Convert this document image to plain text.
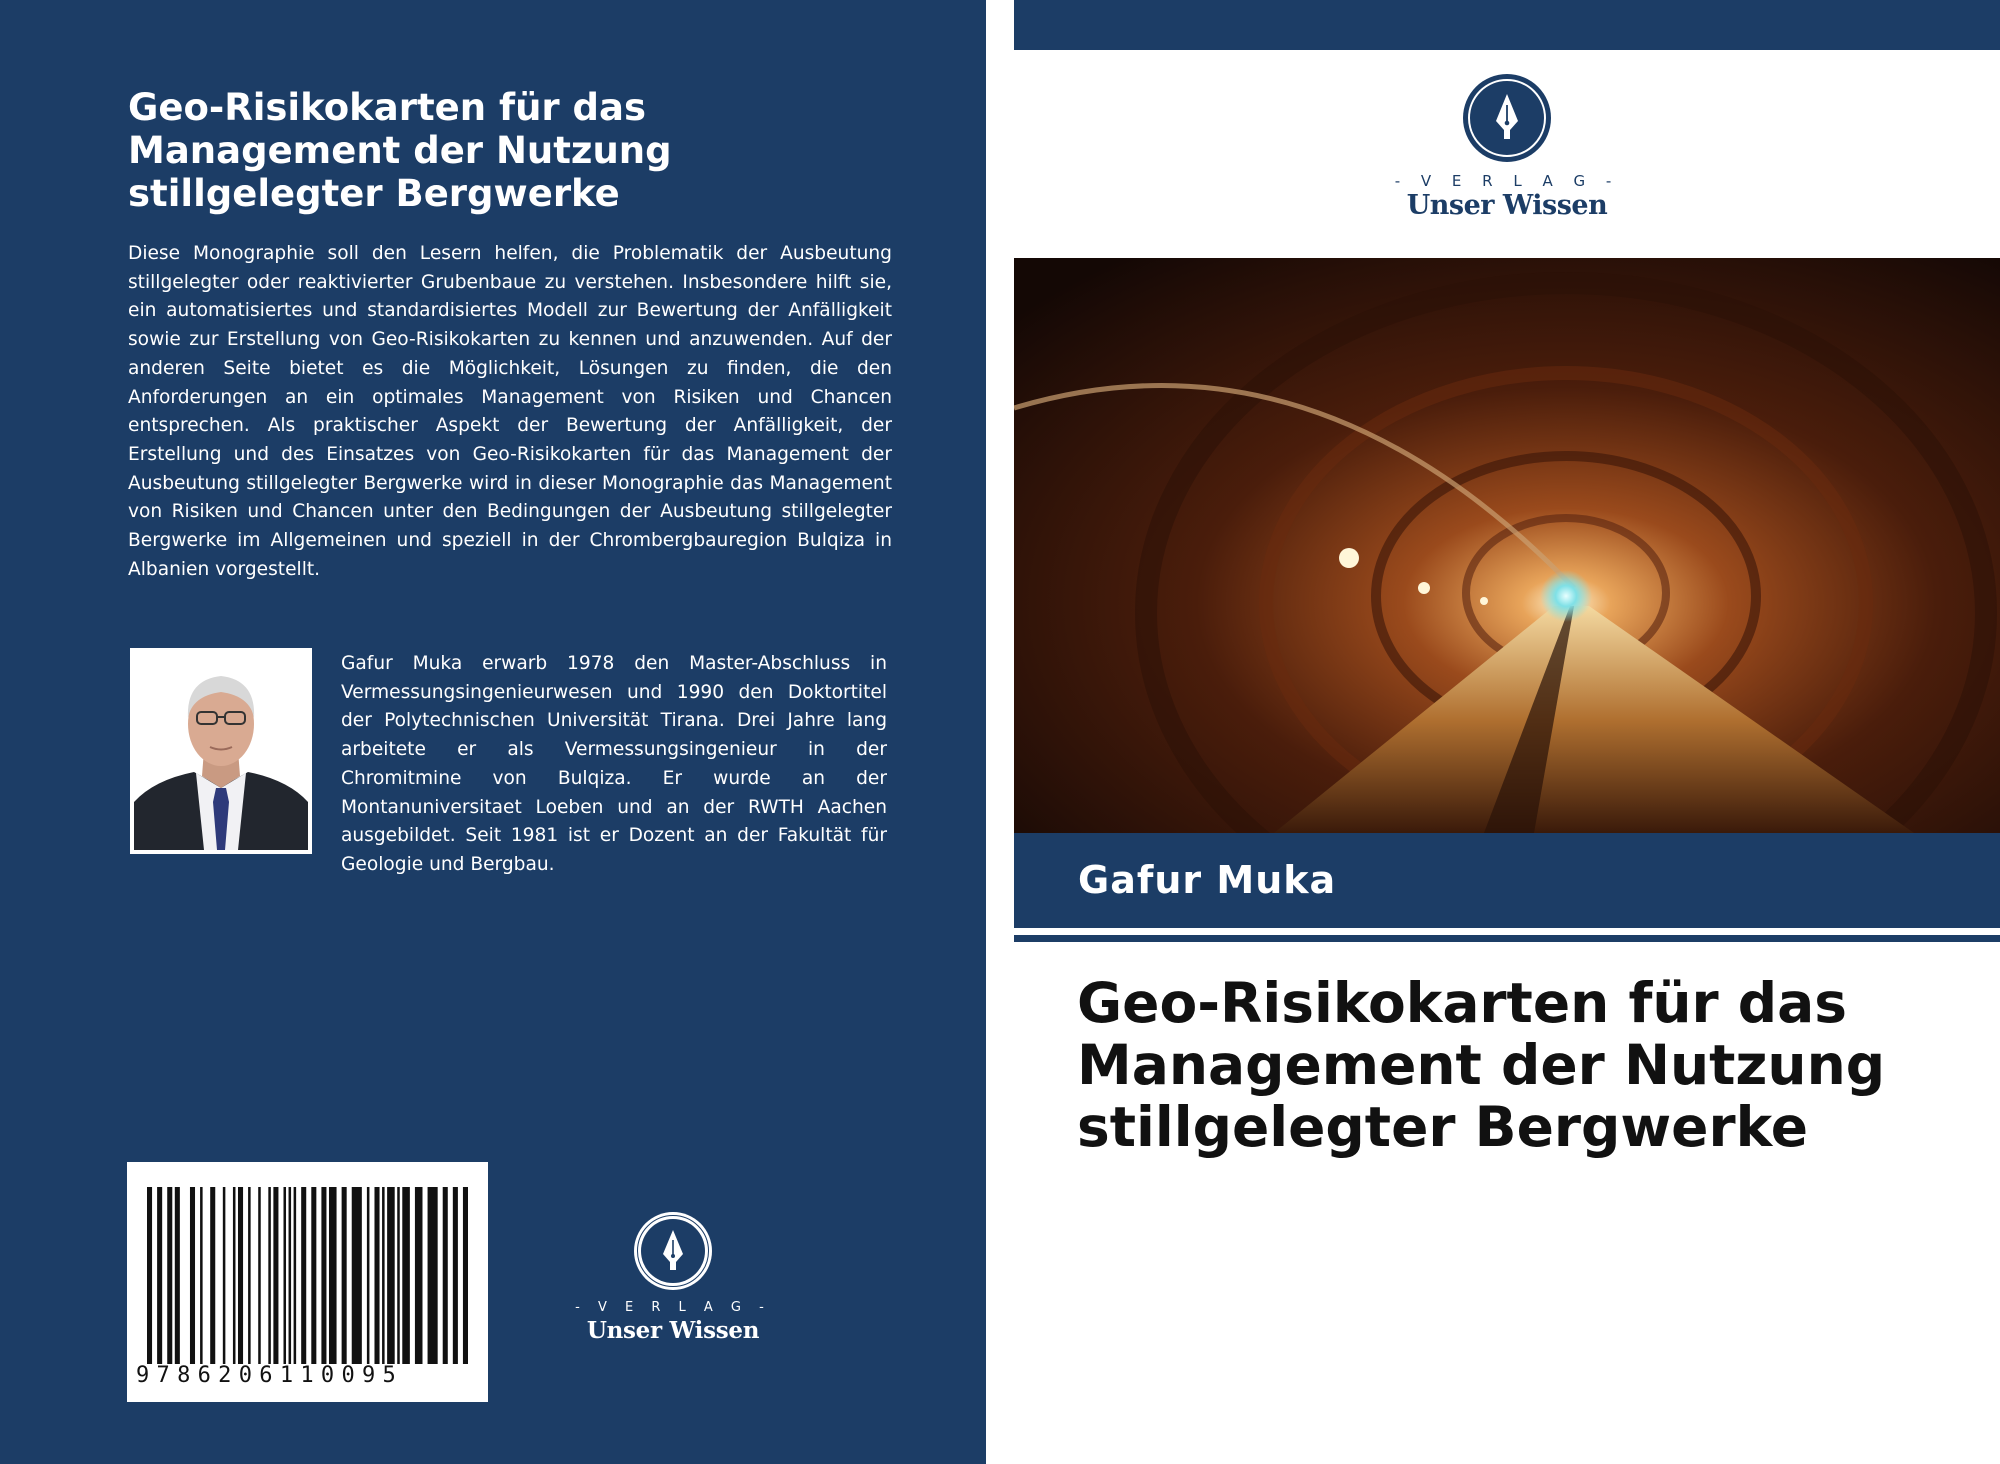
Geo-Risikokarten für das Management der Nutzung stillgelegter Bergwerke

Diese Monographie soll den Lesern helfen, die Problematik der Ausbeutung stillgelegter oder reaktivierter Grubenbaue zu verstehen. Insbesondere hilft sie, ein automatisiertes und standardisiertes Modell zur Bewertung der Anfälligkeit sowie zur Erstellung von Geo-Risikokarten zu kennen und anzuwenden. Auf der anderen Seite bietet es die Möglichkeit, Lösungen zu finden, die den Anforderungen an ein optimales Management von Risiken und Chancen entsprechen. Als praktischer Aspekt der Bewertung der Anfälligkeit, der Erstellung und des Einsatzes von Geo-Risikokarten für das Management der Ausbeutung stillgelegter Bergwerke wird in dieser Monographie das Management von Risiken und Chancen unter den Bedingungen der Ausbeutung stillgelegter Bergwerke im Allgemeinen und speziell in der Chrombergbauregion Bulqiza in Albanien vorgestellt.

Gafur Muka erwarb 1978 den Master-Abschluss in Vermessungsingenieurwesen und 1990 den Doktortitel der Polytechnischen Universität Tirana. Drei Jahre lang arbeitete er als Vermessungsingenieur in der Chromitmine von Bulqiza. Er wurde an der Montanuniversitaet Loeben und an der RWTH Aachen ausgebildet. Seit 1981 ist er Dozent an der Fakultät für Geologie und Bergbau.

9786206110095
- V E R L A G -
Unser Wissen
- V E R L A G -
Unser Wissen
Gafur Muka
Geo-Risikokarten für das Management der Nutzung stillgelegter Bergwerke
